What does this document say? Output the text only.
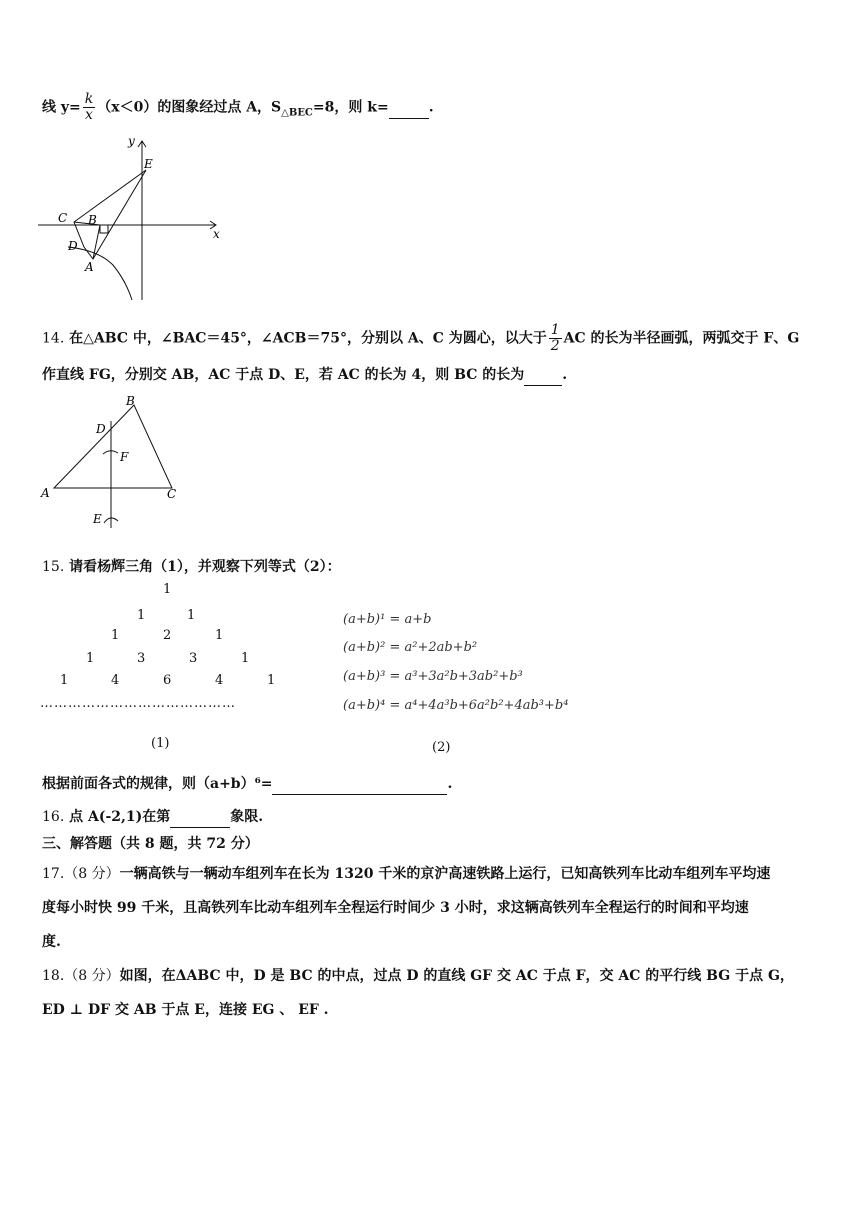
线 $y= \frac{k}{x} (x<0)$的图象经过点 A，$S_{\triangle BEC}=8$，则 k=	.
y
x
E
C B
D
A
14. 在△ABC 中，∠BAC＝45°，∠ACB＝75°，分别以 A、C 为圆心，以大于 $\frac{1}{2}$ AC 的长为半径画弧，两弧交于 F、G
作直线 FG，分别交 AB，AC 于点 D、E，若 AC 的长为 4，则 BC 的长为	.
B
D
F
A	C
E
15. 请看杨辉三角（1），并观察下列等式（2）：
1
1	1
1	2	1
1	3	3	1
1	4	6	4	1
……………………………………
(1)
(a+b)¹ = a+b
(a+b)² = a²+2ab+b²
(a+b)³ = a³+3a²b+3ab²+b³
(a+b)⁴ = a⁴+4a³b+6a²b²+4ab³+b⁴
(2)
根据前面各式的规律，则（a+b）⁶=	.
16. 点 A(-2,1)在第	象限.
三、解答题（共 8 题，共 72 分）
17.（8 分）一辆高铁与一辆动车组列车在长为 1320 千米的京沪高速铁路上运行，已知高铁列车比动车组列车平均速
度每小时快 99 千米，且高铁列车比动车组列车全程运行时间少 3 小时，求这辆高铁列车全程运行的时间和平均速
度.
18.（8 分）如图，在ΔABC 中，D 是 BC 的中点，过点 D 的直线 GF 交 AC 于点 F，交 AC 的平行线 BG 于点 G，
ED ⊥ DF 交 AB 于点 E，连接 EG 、 EF .
